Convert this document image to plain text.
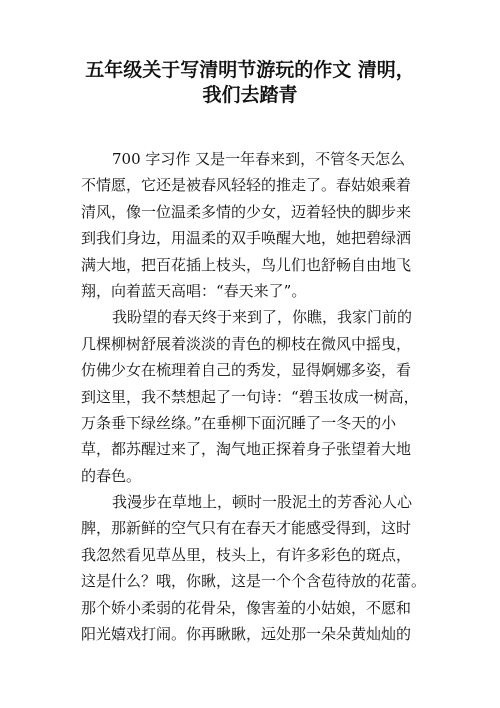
五年级关于写清明节游玩的作文 清明，
我们去踏青
700 字习作 又是一年春来到，不管冬天怎么
不情愿，它还是被春风轻轻的推走了。春姑娘乘着
清风，像一位温柔多情的少女，迈着轻快的脚步来
到我们身边，用温柔的双手唤醒大地，她把碧绿洒
满大地，把百花插上枝头，鸟儿们也舒畅自由地飞
翔，向着蓝天高唱：“春天来了”。
我盼望的春天终于来到了，你瞧，我家门前的
几棵柳树舒展着淡淡的青色的柳枝在微风中摇曳，
仿佛少女在梳理着自己的秀发，显得婀娜多姿，看
到这里，我不禁想起了一句诗：“碧玉妆成一树高，
万条垂下绿丝绦。”在垂柳下面沉睡了一冬天的小
草，都苏醒过来了，淘气地正探着身子张望着大地
的春色。
我漫步在草地上，顿时一股泥土的芳香沁人心
脾，那新鲜的空气只有在春天才能感受得到，这时
我忽然看见草丛里，枝头上，有许多彩色的斑点，
这是什么？哦，你瞅，这是一个个含苞待放的花蕾。
那个娇小柔弱的花骨朵，像害羞的小姑娘，不愿和
阳光嬉戏打闹。你再瞅瞅，远处那一朵朵黄灿灿的
